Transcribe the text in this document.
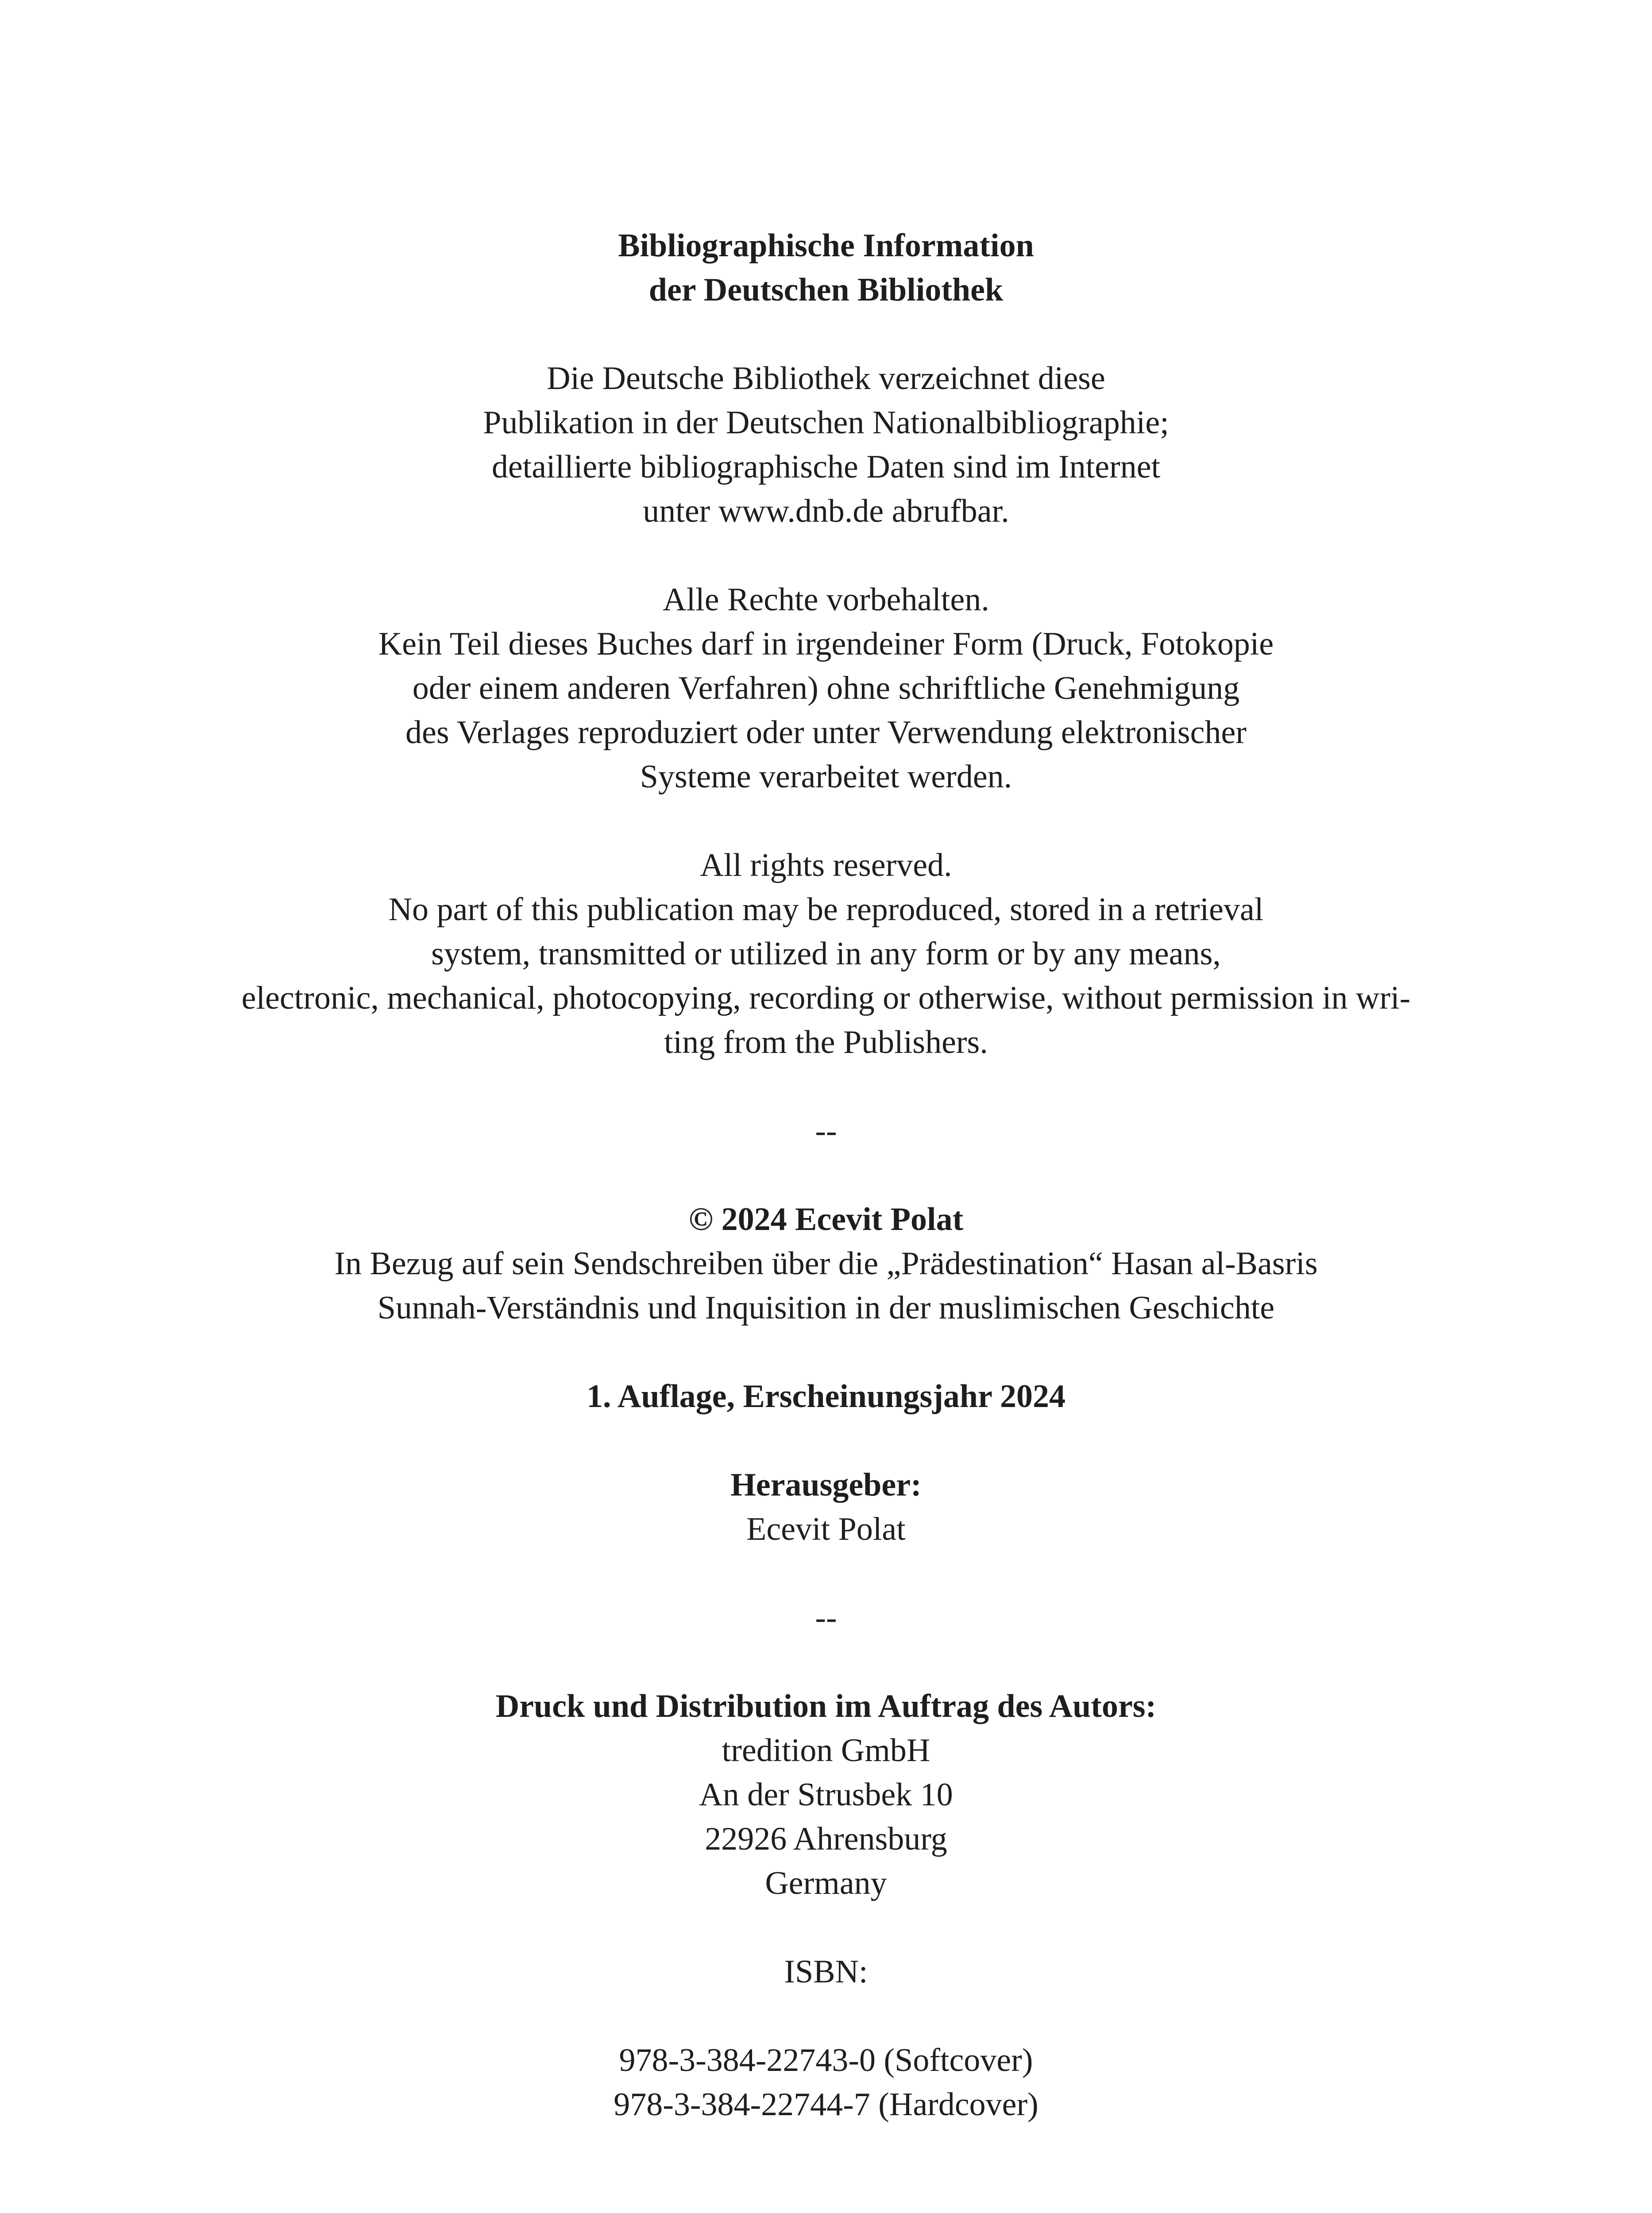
Bibliographische Information
der Deutschen Bibliothek
Die Deutsche Bibliothek verzeichnet diese
Publikation in der Deutschen Nationalbibliographie;
detaillierte bibliographische Daten sind im Internet
unter www.dnb.de abrufbar.
Alle Rechte vorbehalten.
Kein Teil dieses Buches darf in irgendeiner Form (Druck, Fotokopie
oder einem anderen Verfahren) ohne schriftliche Genehmigung
des Verlages reproduziert oder unter Verwendung elektronischer
Systeme verarbeitet werden.
All rights reserved.
No part of this publication may be reproduced, stored in a retrieval
system, transmitted or utilized in any form or by any means,
electronic, mechanical, photocopying, recording or otherwise, without permission in wri-
ting from the Publishers.
--
© 2024 Ecevit Polat
In Bezug auf sein Sendschreiben über die „Prädestination“ Hasan al-Basris
Sunnah-Verständnis und Inquisition in der muslimischen Geschichte
1. Auflage, Erscheinungsjahr 2024
Herausgeber:
Ecevit Polat
--
Druck und Distribution im Auftrag des Autors:
tredition GmbH
An der Strusbek 10
22926 Ahrensburg
Germany
ISBN:
978-3-384-22743-0 (Softcover)
978-3-384-22744-7 (Hardcover)
